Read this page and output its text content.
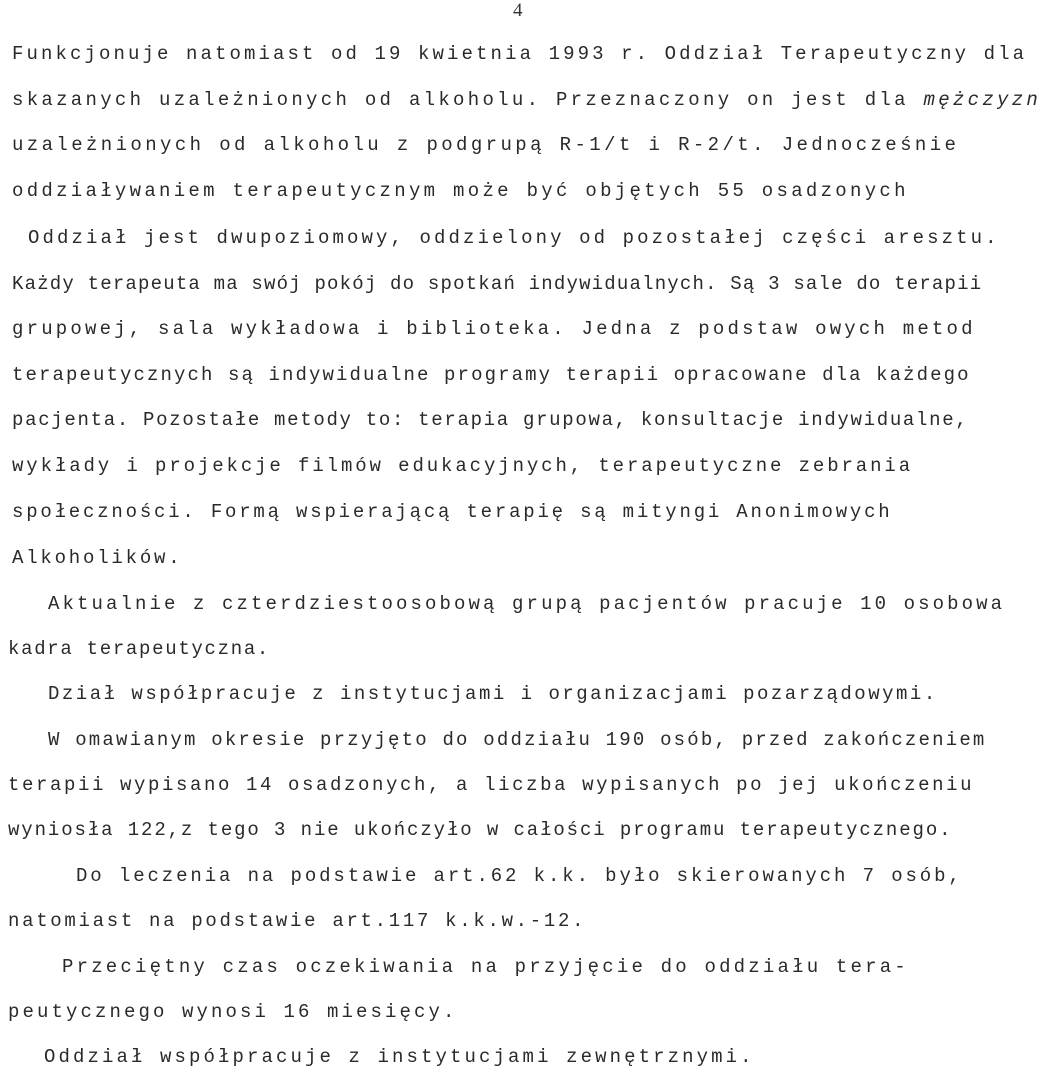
4
Funkcjonuje natomiast od 19 kwietnia 1993 r. Oddział Terapeutyczny dla
skazanych uzależnionych od alkoholu. Przeznaczony on jest dla mężczyzn
uzależnionych od alkoholu z podgrupą R-1/t i R-2/t. Jednocześnie
oddziaływaniem terapeutycznym może być objętych 55 osadzonych
Oddział jest dwupoziomowy, oddzielony od pozostałej części aresztu.
Każdy terapeuta ma swój pokój do spotkań indywidualnych. Są 3 sale do terapii
grupowej, sala wykładowa i biblioteka. Jedna z podstaw owych metod
terapeutycznych są indywidualne programy terapii opracowane dla każdego
pacjenta. Pozostałe metody to: terapia grupowa, konsultacje indywidualne,
wykłady i projekcje filmów edukacyjnych, terapeutyczne zebrania
społeczności. Formą wspierającą terapię są mityngi Anonimowych
Alkoholików.
Aktualnie z czterdziestoosobową grupą pacjentów pracuje 10 osobowa
kadra terapeutyczna.
Dział współpracuje z instytucjami i organizacjami pozarządowymi.
W omawianym okresie przyjęto do oddziału 190 osób, przed zakończeniem
terapii wypisano 14 osadzonych, a liczba wypisanych po jej ukończeniu
wyniosła 122,z tego 3 nie ukończyło w całości programu terapeutycznego.
Do leczenia na podstawie art.62 k.k. było skierowanych 7 osób,
natomiast na podstawie art.117 k.k.w.-12.
Przeciętny czas oczekiwania na przyjęcie do oddziału tera-
peutycznego wynosi 16 miesięcy.
Oddział współpracuje z instytucjami zewnętrznymi.
